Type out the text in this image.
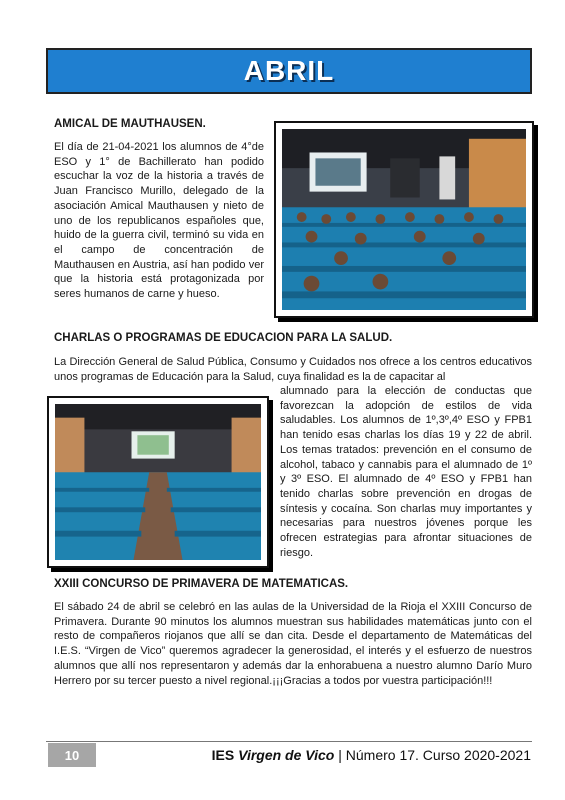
ABRIL
AMICAL DE MAUTHAUSEN.

El día de 21-04-2021 los alumnos de 4°de ESO y 1° de Bachillerato han podido escuchar la voz de la historia a través de Juan Francisco Murillo, delegado de la asociación Amical Mauthausen y nieto de uno de los republicanos españoles que, huido de la guerra civil, terminó su vida en el campo de concentración de Mauthausen en Austria, así han podido ver que la historia está protagonizada por seres humanos de carne y hueso.

CHARLAS O PROGRAMAS DE EDUCACION PARA LA SALUD.

La Dirección General de Salud Pública, Consumo y Cuidados nos ofrece a los centros educativos unos programas de Educación para la Salud, cuya finalidad es la de capacitar al

alumnado para la elección de conductas que favorezcan la adopción de estilos de vida saludables. Los alumnos de 1º,3º,4º ESO y FPB1 han tenido esas charlas los días 19 y 22 de abril. Los temas tratados: prevención en el consumo de alcohol, tabaco y cannabis para el alumnado de 1º y 3º ESO. El alumnado de 4º ESO y FPB1 han tenido charlas sobre prevención en drogas de síntesis y cocaína. Son charlas muy importantes y necesarias para nuestros jóvenes porque les ofrecen estrategias para afrontar situaciones de riesgo.

XXIII CONCURSO DE PRIMAVERA DE MATEMATICAS.

El sábado 24 de abril se celebró en las aulas de la Universidad de la Rioja el XXIII Concurso de Primavera. Durante 90 minutos los alumnos muestran sus habilidades matemáticas junto con el resto de compañeros riojanos que allí se dan cita. Desde el departamento de Matemáticas del I.E.S. “Virgen de Vico” queremos agradecer la generosidad, el interés y el esfuerzo de nuestros alumnos que allí nos representaron y además dar la enhorabuena a nuestro alumno Darío Muro Herrero por su tercer puesto a nivel regional.¡¡¡Gracias a todos por vuestra participación!!!

10	IES Virgen de Vico | Número 17. Curso 2020-2021
